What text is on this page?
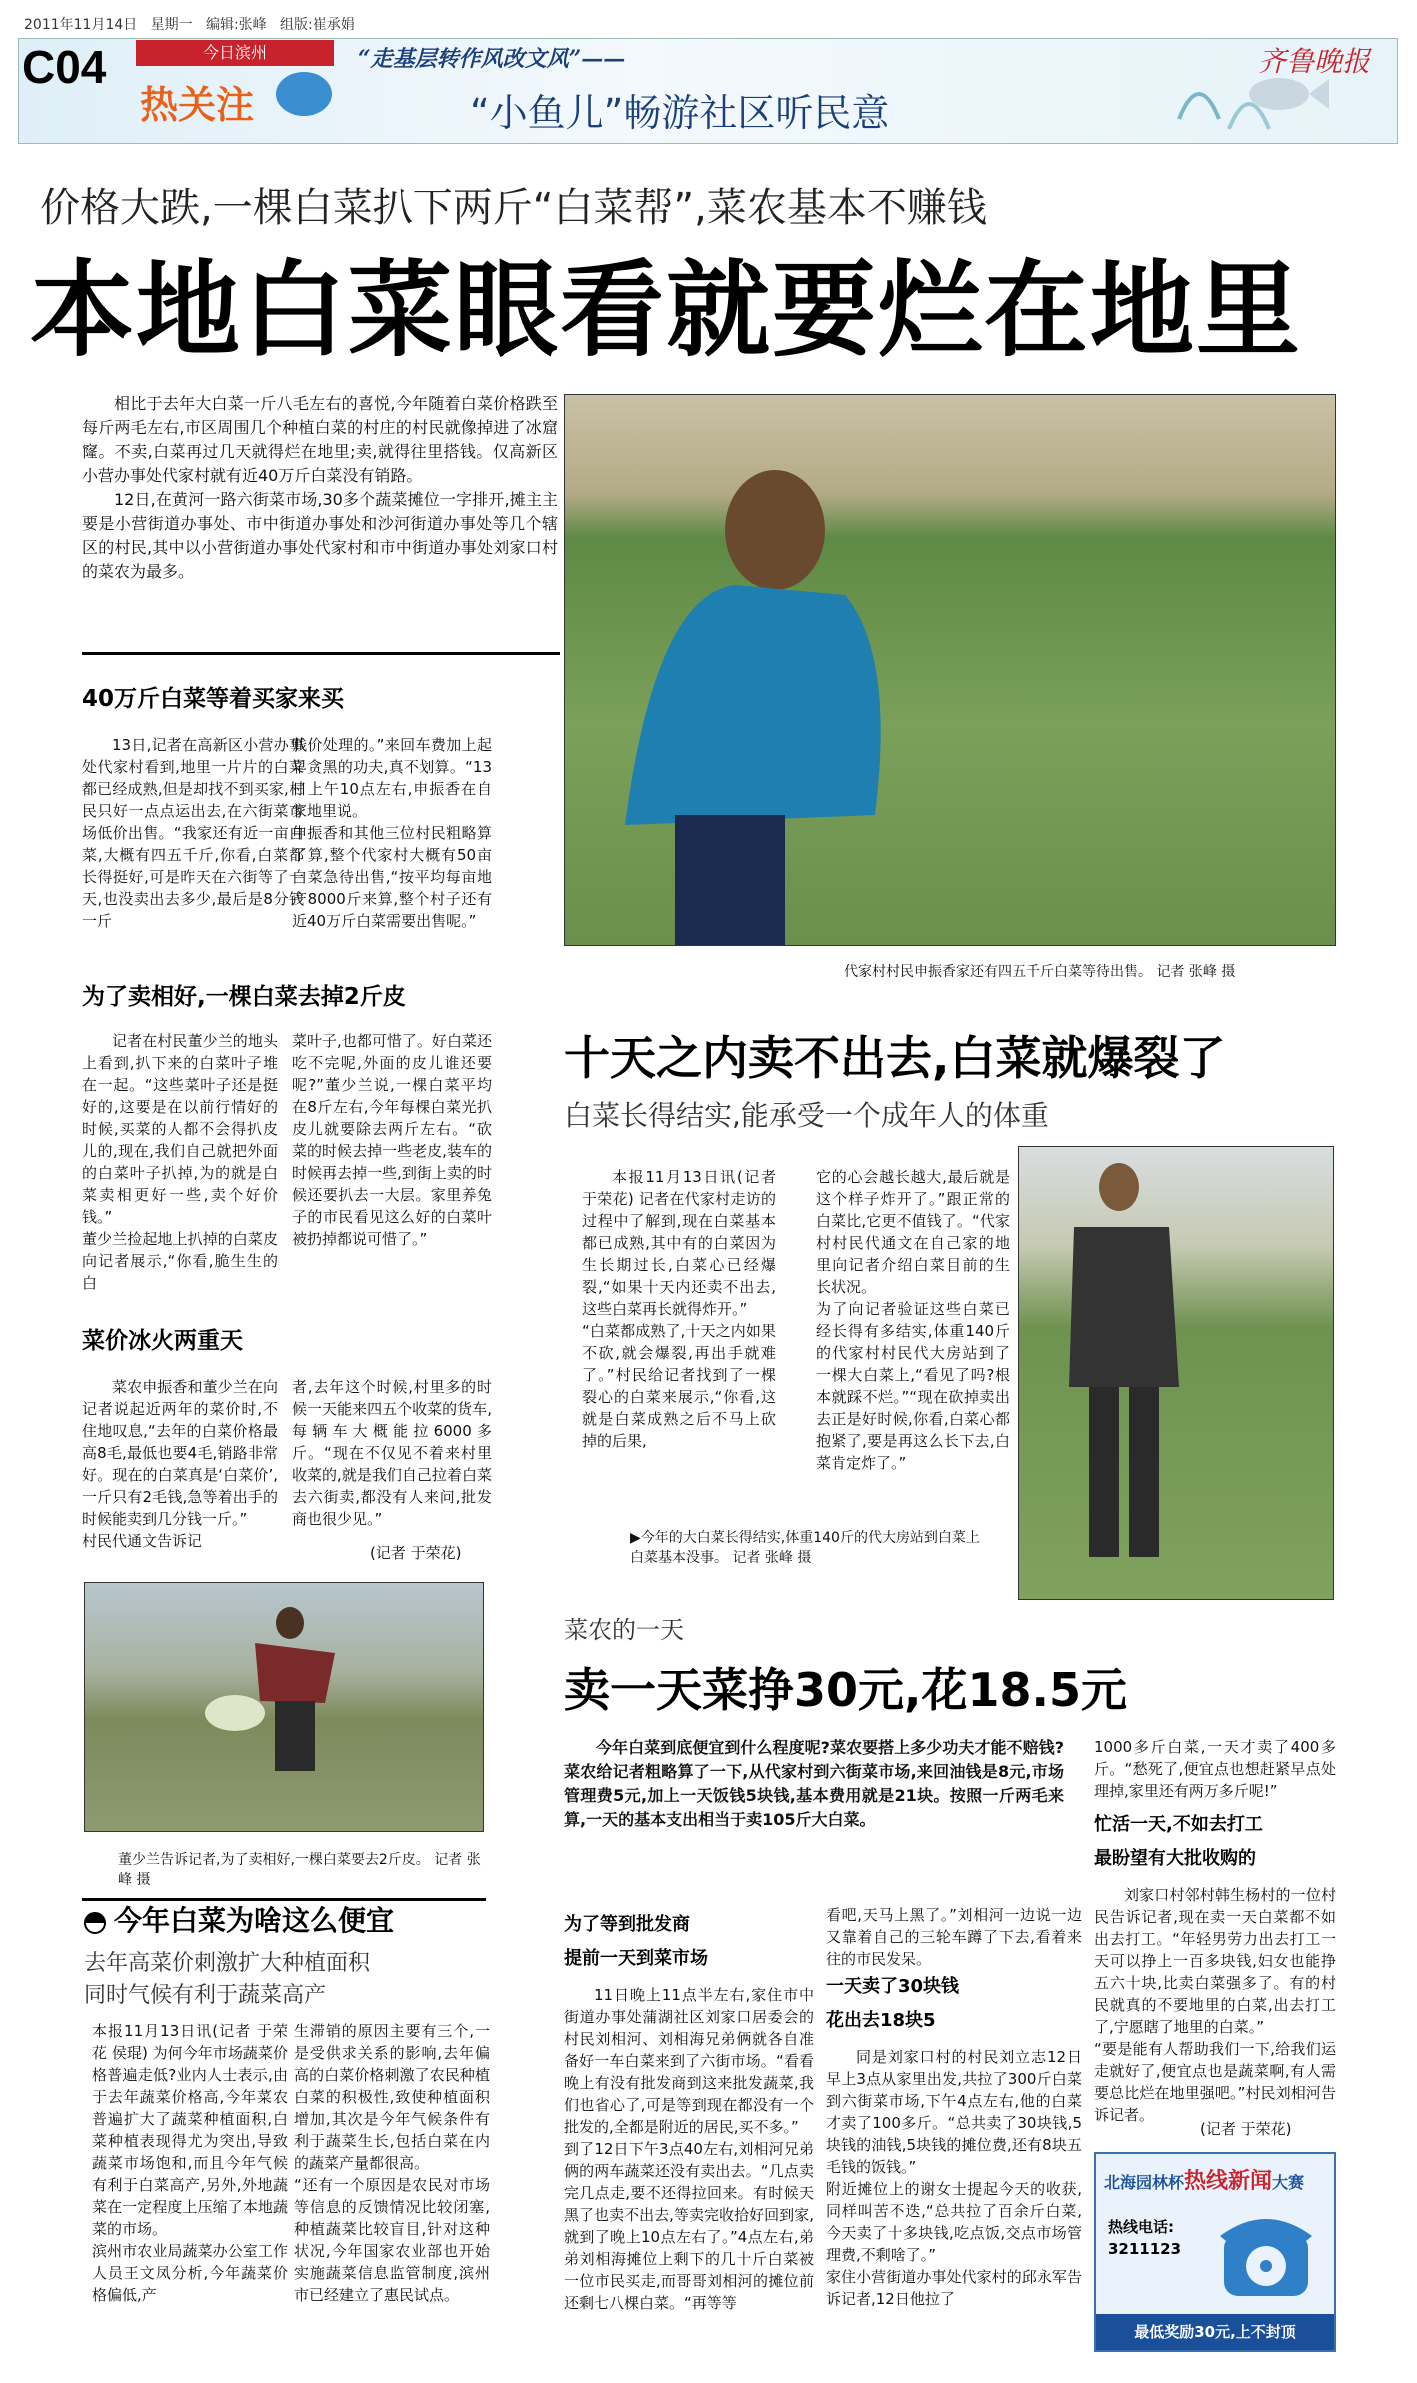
2011年11月14日   星期一   编辑:张峰   组版:崔承娟
C04	今日滨州
热关注
“走基层转作风改文风”——
“小鱼儿”畅游社区听民意
齐鲁晚报
价格大跌,一棵白菜扒下两斤“白菜帮”,菜农基本不赚钱
本地白菜眼看就要烂在地里

相比于去年大白菜一斤八毛左右的喜悦,今年随着白菜价格跌至每斤两毛左右,市区周围几个种植白菜的村庄的村民就像掉进了冰窟窿。不卖,白菜再过几天就得烂在地里;卖,就得往里搭钱。仅高新区小营办事处代家村就有近40万斤白菜没有销路。

12日,在黄河一路六街菜市场,30多个蔬菜摊位一字排开,摊主主要是小营街道办事处、市中街道办事处和沙河街道办事处等几个辖区的村民,其中以小营街道办事处代家村和市中街道办事处刘家口村的菜农为最多。

代家村村民申振香家还有四五千斤白菜等待出售。 记者 张峰 摄
40万斤白菜等着买家来买
13日,记者在高新区小营办事处代家村看到,地里一片片的白菜都已经成熟,但是却找不到买家,村民只好一点点运出去,在六街菜市场低价出售。“我家还有近一亩白菜,大概有四五千斤,你看,白菜都长得挺好,可是昨天在六街等了一天,也没卖出去多少,最后是8分钱一斤
贱价处理的。”来回车费加上起早贪黑的功夫,真不划算。“13日上午10点左右,申振香在自家地里说。
申振香和其他三位村民粗略算了算,整个代家村大概有50亩白菜急待出售,“按平均每亩地产8000斤来算,整个村子还有近40万斤白菜需要出售呢。”
为了卖相好,一棵白菜去掉2斤皮
记者在村民董少兰的地头上看到,扒下来的白菜叶子堆在一起。“这些菜叶子还是挺好的,这要是在以前行情好的时候,买菜的人都不会得扒皮儿的,现在,我们自己就把外面的白菜叶子扒掉,为的就是白菜卖相更好一些,卖个好价钱。”
董少兰捡起地上扒掉的白菜皮向记者展示,“你看,脆生生的白
菜叶子,也都可惜了。好白菜还吃不完呢,外面的皮儿谁还要呢?”董少兰说,一棵白菜平均在8斤左右,今年每棵白菜光扒皮儿就要除去两斤左右。“砍菜的时候去掉一些老皮,装车的时候再去掉一些,到街上卖的时候还要扒去一大层。家里养兔子的市民看见这么好的白菜叶被扔掉都说可惜了。”
菜价冰火两重天
菜农申振香和董少兰在向记者说起近两年的菜价时,不住地叹息,“去年的白菜价格最高8毛,最低也要4毛,销路非常好。现在的白菜真是‘白菜价’,一斤只有2毛钱,急等着出手的时候能卖到几分钱一斤。”
村民代通文告诉记
者,去年这个时候,村里多的时候一天能来四五个收菜的货车,每辆车大概能拉6000多斤。“现在不仅见不着来村里收菜的,就是我们自己拉着白菜去六街卖,都没有人来问,批发商也很少见。”
(记者 于荣花)
董少兰告诉记者,为了卖相好,一棵白菜要去2斤皮。 记者 张峰 摄
今年白菜为啥这么便宜
去年高菜价刺激扩大种植面积
同时气候有利于蔬菜高产
本报11月13日讯(记者 于荣花 侯琨) 为何今年市场蔬菜价格普遍走低?业内人士表示,由于去年蔬菜价格高,今年菜农普遍扩大了蔬菜种植面积,白菜种植表现得尤为突出,导致蔬菜市场饱和,而且今年气候有利于白菜高产,另外,外地蔬菜在一定程度上压缩了本地蔬菜的市场。
滨州市农业局蔬菜办公室工作人员王文凤分析,今年蔬菜价格偏低,产
生滞销的原因主要有三个,一是受供求关系的影响,去年偏高的白菜价格刺激了农民种植白菜的积极性,致使种植面积增加,其次是今年气候条件有利于蔬菜生长,包括白菜在内的蔬菜产量都很高。
“还有一个原因是农民对市场等信息的反馈情况比较闭塞,种植蔬菜比较盲目,针对这种状况,今年国家农业部也开始实施蔬菜信息监管制度,滨州市已经建立了惠民试点。
十天之内卖不出去,白菜就爆裂了
白菜长得结实,能承受一个成年人的体重
本报11月13日讯(记者 于荣花) 记者在代家村走访的过程中了解到,现在白菜基本都已成熟,其中有的白菜因为生长期过长,白菜心已经爆裂,“如果十天内还卖不出去,这些白菜再长就得炸开。”
“白菜都成熟了,十天之内如果不砍,就会爆裂,再出手就难了。”村民给记者找到了一棵裂心的白菜来展示,“你看,这就是白菜成熟之后不马上砍掉的后果,
它的心会越长越大,最后就是这个样子炸开了。”跟正常的白菜比,它更不值钱了。“代家村村民代通文在自己家的地里向记者介绍白菜目前的生长状况。
为了向记者验证这些白菜已经长得有多结实,体重140斤的代家村村民代大房站到了一棵大白菜上,“看见了吗?根本就踩不烂。”“现在砍掉卖出去正是好时候,你看,白菜心都抱紧了,要是再这么长下去,白菜肯定炸了。”
▶今年的大白菜长得结实,体重140斤的代大房站到白菜上白菜基本没事。 记者 张峰 摄
菜农的一天
卖一天菜挣30元,花18.5元
今年白菜到底便宜到什么程度呢?菜农要搭上多少功夫才能不赔钱?菜农给记者粗略算了一下,从代家村到六街菜市场,来回油钱是8元,市场管理费5元,加上一天饭钱5块钱,基本费用就是21块。按照一斤两毛来算,一天的基本支出相当于卖105斤大白菜。
为了等到批发商
提前一天到菜市场
11日晚上11点半左右,家住市中街道办事处蒲湖社区刘家口居委会的村民刘相河、刘相海兄弟俩就各自准备好一车白菜来到了六街市场。“看看晚上有没有批发商到这来批发蔬菜,我们也省心了,可是等到现在都没有一个批发的,全都是附近的居民,买不多。”
到了12日下午3点40左右,刘相河兄弟俩的两车蔬菜还没有卖出去。“几点卖完几点走,要不还得拉回来。有时候天黑了也卖不出去,等卖完收拾好回到家,就到了晚上10点左右了。”4点左右,弟弟刘相海摊位上剩下的几十斤白菜被一位市民买走,而哥哥刘相河的摊位前还剩七八棵白菜。“再等等
看吧,天马上黑了。”刘相河一边说一边又靠着自己的三轮车蹲了下去,看着来往的市民发呆。
一天卖了30块钱
花出去18块5
同是刘家口村的村民刘立志12日早上3点从家里出发,共拉了300斤白菜到六街菜市场,下午4点左右,他的白菜才卖了100多斤。“总共卖了30块钱,5块钱的油钱,5块钱的摊位费,还有8块五毛钱的饭钱。”
附近摊位上的谢女士提起今天的收获,同样叫苦不迭,“总共拉了百余斤白菜,今天卖了十多块钱,吃点饭,交点市场管理费,不剩啥了。”
家住小营街道办事处代家村的邱永军告诉记者,12日他拉了
1000多斤白菜,一天才卖了400多斤。“愁死了,便宜点也想赶紧早点处理掉,家里还有两万多斤呢!”
忙活一天,不如去打工
最盼望有大批收购的
刘家口村邻村韩生杨村的一位村民告诉记者,现在卖一天白菜都不如出去打工。“年轻男劳力出去打工一天可以挣上一百多块钱,妇女也能挣五六十块,比卖白菜强多了。有的村民就真的不要地里的白菜,出去打工了,宁愿瞎了地里的白菜。”
“要是能有人帮助我们一下,给我们运走就好了,便宜点也是蔬菜啊,有人需要总比烂在地里强吧。”村民刘相河告诉记者。
(记者 于荣花)
北海园林杯热线新闻大赛
热线电话:
3211123
最低奖励30元,上不封顶
